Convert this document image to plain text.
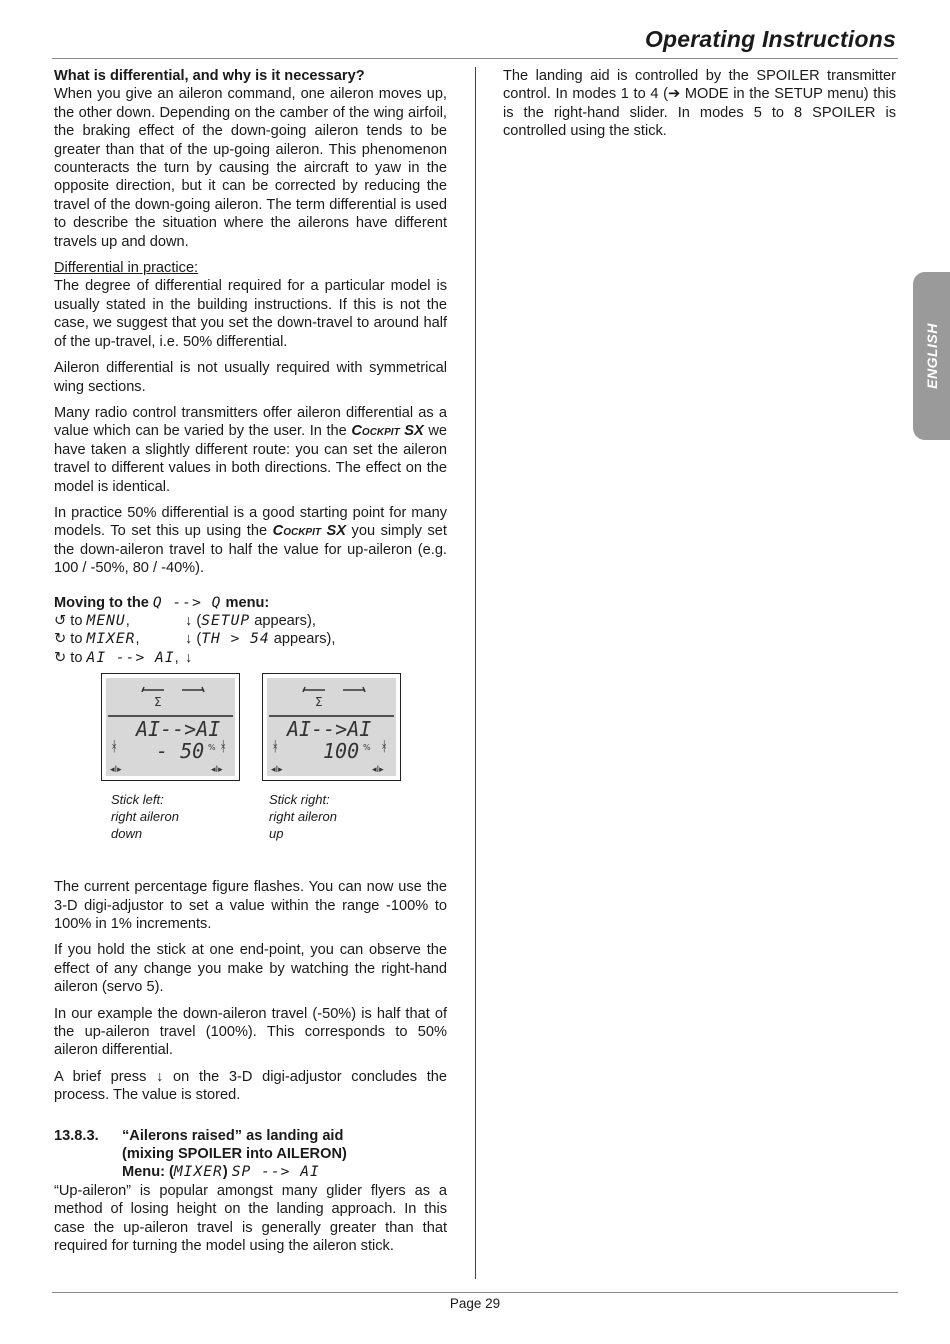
Operating Instructions
ENGLISH

What is differential, and why is it necessary?

When you give an aileron command, one aileron moves up, the other down. Depending on the camber of the wing airfoil, the braking effect of the down-going aileron tends to be greater than that of the up-going aileron. This phenomenon counteracts the turn by causing the aircraft to yaw in the opposite direction, but it can be corrected by reducing the travel of the down-going aileron. The term differential is used to describe the situation where the ailerons have different travels up and down.

Differential in practice:

The degree of differential required for a particular model is usually stated in the building instructions. If this is not the case, we suggest that you set the down-travel to around half of the up-travel, i.e. 50% differential.

Aileron differential is not usually required with symmetrical wing sections.

Many radio control transmitters offer aileron differential as a value which can be varied by the user. In the Cockpit SX we have taken a slightly different route: you can set the aileron travel to different values in both directions. The effect on the model is identical.

In practice 50% differential is a good starting point for many models. To set this up using the Cockpit SX you simply set the down-aileron travel to half the value for up-aileron (e.g. 100 / -50%, 80 / -40%).

Moving to the Q --> Q menu:
↺ to MENU,	↓ (SETUP appears),
↻ to MIXER,	↓ (TH > 54 appears),
↻ to AI --> AI, ↓
Σ
AI-->AI
ᚼ	ᚼ
- 50 %
◂I▸	◂I▸
Σ
AI-->AI
ᚼ	ᚼ
100 %
◂I▸	◂I▸
Stick left:
right aileron
down
Stick right:
right aileron
up

The current percentage figure flashes. You can now use the 3-D digi-adjustor to set a value within the range -100% to 100% in 1% increments.

If you hold the stick at one end-point, you can observe the effect of any change you make by watching the right-hand aileron (servo 5).

In our example the down-aileron travel (-50%) is half that of the up-aileron travel (100%). This corresponds to 50% aileron differential.

A brief press ↓ on the 3-D digi-adjustor concludes the process. The value is stored.

13.8.3. “Ailerons raised” as landing aid
(mixing SPOILER into AILERON)
Menu: (MIXER) SP --> AI

“Up-aileron” is popular amongst many glider flyers as a method of losing height on the landing approach. In this case the up-aileron travel is generally greater than that required for turning the model using the aileron stick.

The landing aid is controlled by the SPOILER transmitter control. In modes 1 to 4 (➔ MODE in the SETUP menu) this is the right-hand slider. In modes 5 to 8 SPOILER is controlled using the stick.

Page 29
